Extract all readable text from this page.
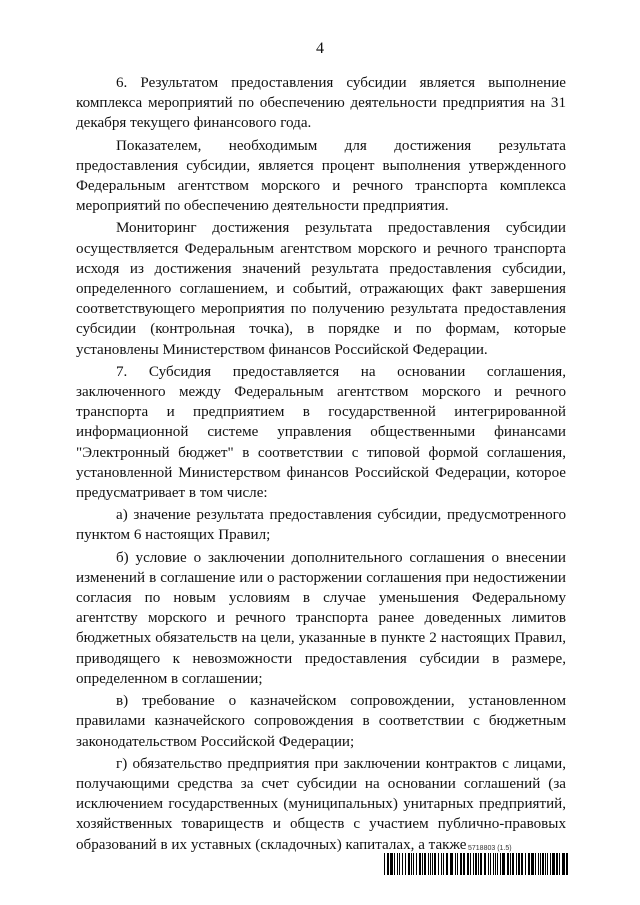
4

6. Результатом предоставления субсидии является выполнение комплекса мероприятий по обеспечению деятельности предприятия на 31 декабря текущего финансового года.

Показателем, необходимым для достижения результата предоставления субсидии, является процент выполнения утвержденного Федеральным агентством морского и речного транспорта комплекса мероприятий по обеспечению деятельности предприятия.

Мониторинг достижения результата предоставления субсидии осуществляется Федеральным агентством морского и речного транспорта исходя из достижения значений результата предоставления субсидии, определенного соглашением, и событий, отражающих факт завершения соответствующего мероприятия по получению результата предоставления субсидии (контрольная точка), в порядке и по формам, которые установлены Министерством финансов Российской Федерации.

7. Субсидия предоставляется на основании соглашения, заключенного между Федеральным агентством морского и речного транспорта и предприятием в государственной интегрированной информационной системе управления общественными финансами "Электронный бюджет" в соответствии с типовой формой соглашения, установленной Министерством финансов Российской Федерации, которое предусматривает в том числе:

а) значение результата предоставления субсидии, предусмотренного пунктом 6 настоящих Правил;

б) условие о заключении дополнительного соглашения о внесении изменений в соглашение или о расторжении соглашения при недостижении согласия по новым условиям в случае уменьшения Федеральному агентству морского и речного транспорта ранее доведенных лимитов бюджетных обязательств на цели, указанные в пункте 2 настоящих Правил, приводящего к невозможности предоставления субсидии в размере, определенном в соглашении;

в) требование о казначейском сопровождении, установленном правилами казначейского сопровождения в соответствии с бюджетным законодательством Российской Федерации;

г) обязательство предприятия при заключении контрактов с лицами, получающими средства за счет субсидии на основании соглашений (за исключением государственных (муниципальных) унитарных предприятий, хозяйственных товариществ и обществ с участием публично-правовых образований в их уставных (складочных) капиталах, а также 5718803 (1.5)
